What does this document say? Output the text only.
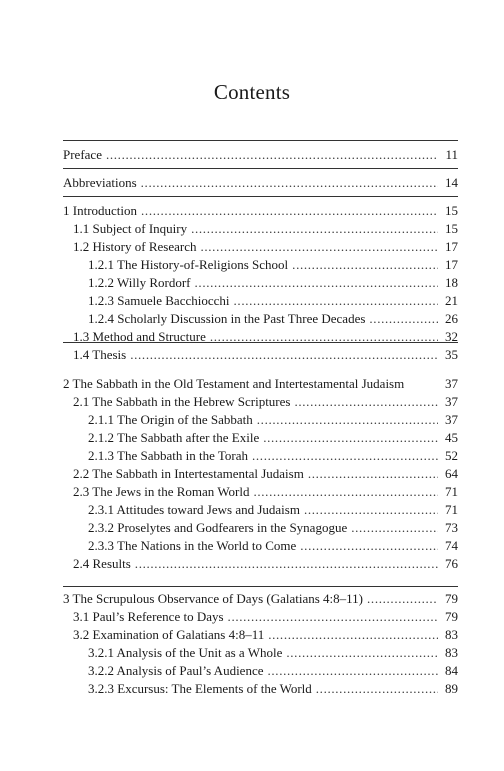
Contents
Preface . . .	11
Abbreviations . . .	14
1 Introduction . . .	15
1.1 Subject of Inquiry . . .	15
1.2 History of Research . . .	17
1.2.1 The History-of-Religions School . . .	17
1.2.2 Willy Rordorf . . .	18
1.2.3 Samuele Bacchiocchi . . .	21
1.2.4 Scholarly Discussion in the Past Three Decades . . .	26
1.3 Method and Structure . . .	32
1.4 Thesis . . .	35
2 The Sabbath in the Old Testament and Intertestamental Judaism	37
2.1 The Sabbath in the Hebrew Scriptures . . .	37
2.1.1 The Origin of the Sabbath . . .	37
2.1.2 The Sabbath after the Exile . . .	45
2.1.3 The Sabbath in the Torah . . .	52
2.2 The Sabbath in Intertestamental Judaism . . .	64
2.3 The Jews in the Roman World . . .	71
2.3.1 Attitudes toward Jews and Judaism . . .	71
2.3.2 Proselytes and Godfearers in the Synagogue . . .	73
2.3.3 The Nations in the World to Come . . .	74
2.4 Results . . .	76
3 The Scrupulous Observance of Days (Galatians 4:8–11) . . .	79
3.1 Paul’s Reference to Days . . .	79
3.2 Examination of Galatians 4:8–11 . . .	83
3.2.1 Analysis of the Unit as a Whole . . .	83
3.2.2 Analysis of Paul’s Audience . . .	84
3.2.3 Excursus: The Elements of the World . . .	89
